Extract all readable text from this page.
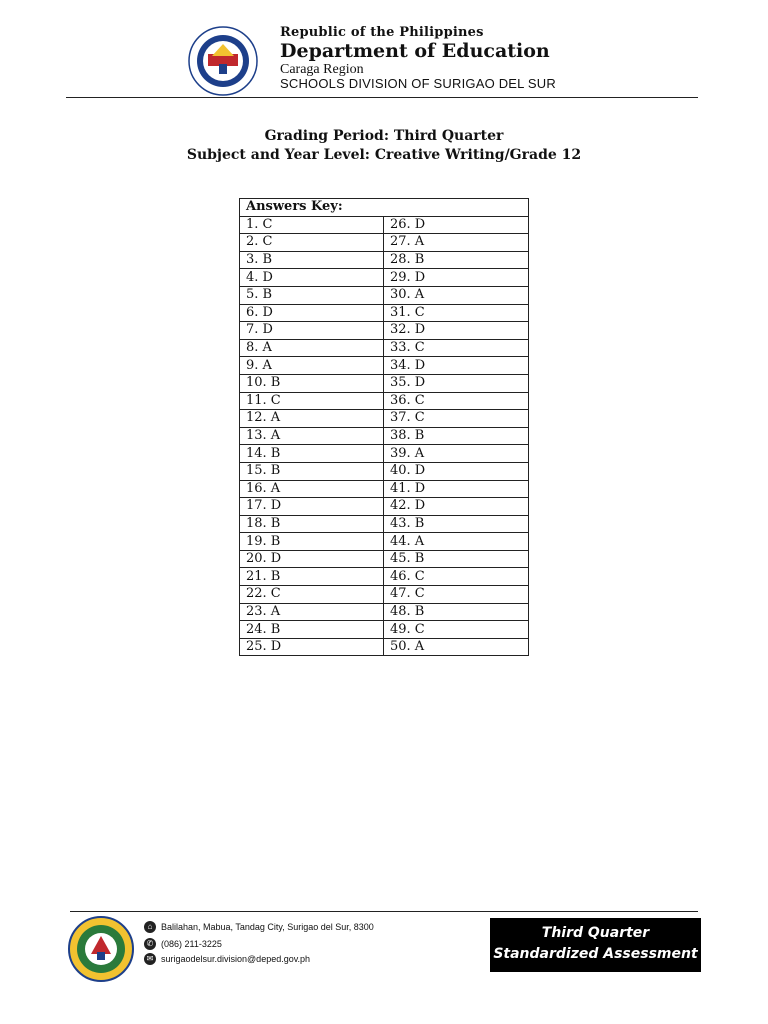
Republic of the Philippines
Department of Education
Caraga Region
SCHOOLS DIVISION OF SURIGAO DEL SUR
Grading Period: Third Quarter
Subject and Year Level: Creative Writing/Grade 12
Answers Key:	
1. C	26. D
2. C	27. A
3. B	28. B
4. D	29. D
5. B	30. A
6. D	31. C
7. D	32. D
8. A	33. C
9. A	34. D
10. B	35. D
11. C	36. C
12. A	37. C
13. A	38. B
14. B	39. A
15. B	40. D
16. A	41. D
17. D	42. D
18. B	43. B
19. B	44. A
20. D	45. B
21. B	46. C
22. C	47. C
23. A	48. B
24. B	49. C
25. D	50. A
⌂ Balilahan, Mabua, Tandag City, Surigao del Sur, 8300
✆ (086) 211-3225
✉ surigaodelsur.division@deped.gov.ph
Third Quarter
Standardized Assessment
